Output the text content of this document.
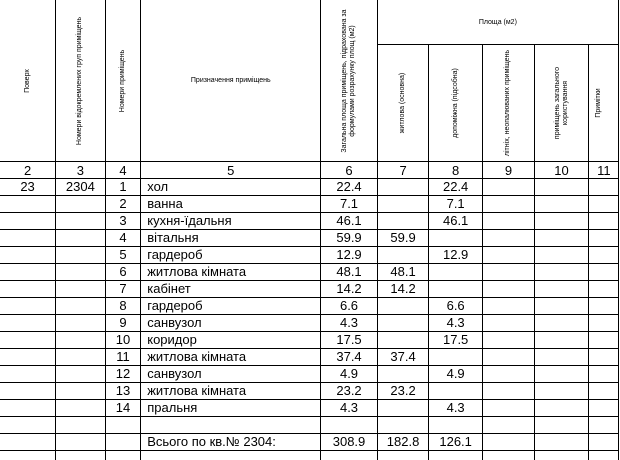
Поверх	Номери відокремлених груп приміщень	Номери приміщень	Призначення приміщень	Загальна площа приміщень, підрахована за формулами розрахунку площ (м2)	Площа (м2)				

					житлова (основна)	допоміжна (підсобна)	літніх, неопалюваних приміщень	приміщень загального користування	Примітки

2	3	4	5	6	7	8	9	10	11
23	2304	1	хол	22.4		22.4			
		2	ванна	7.1		7.1			
		3	кухня-їдальня	46.1		46.1			
		4	вітальня	59.9	59.9				
		5	гардероб	12.9		12.9			
		6	житлова кімната	48.1	48.1				
		7	кабінет	14.2	14.2				
		8	гардероб	6.6		6.6			
		9	санвузол	4.3		4.3			
		10	коридор	17.5		17.5			
		11	житлова кімната	37.4	37.4				
		12	санвузол	4.9		4.9			
		13	житлова кімната	23.2	23.2				
		14	пральня	4.3		4.3			

			Всього по кв.№ 2304:	308.9	182.8	126.1			
